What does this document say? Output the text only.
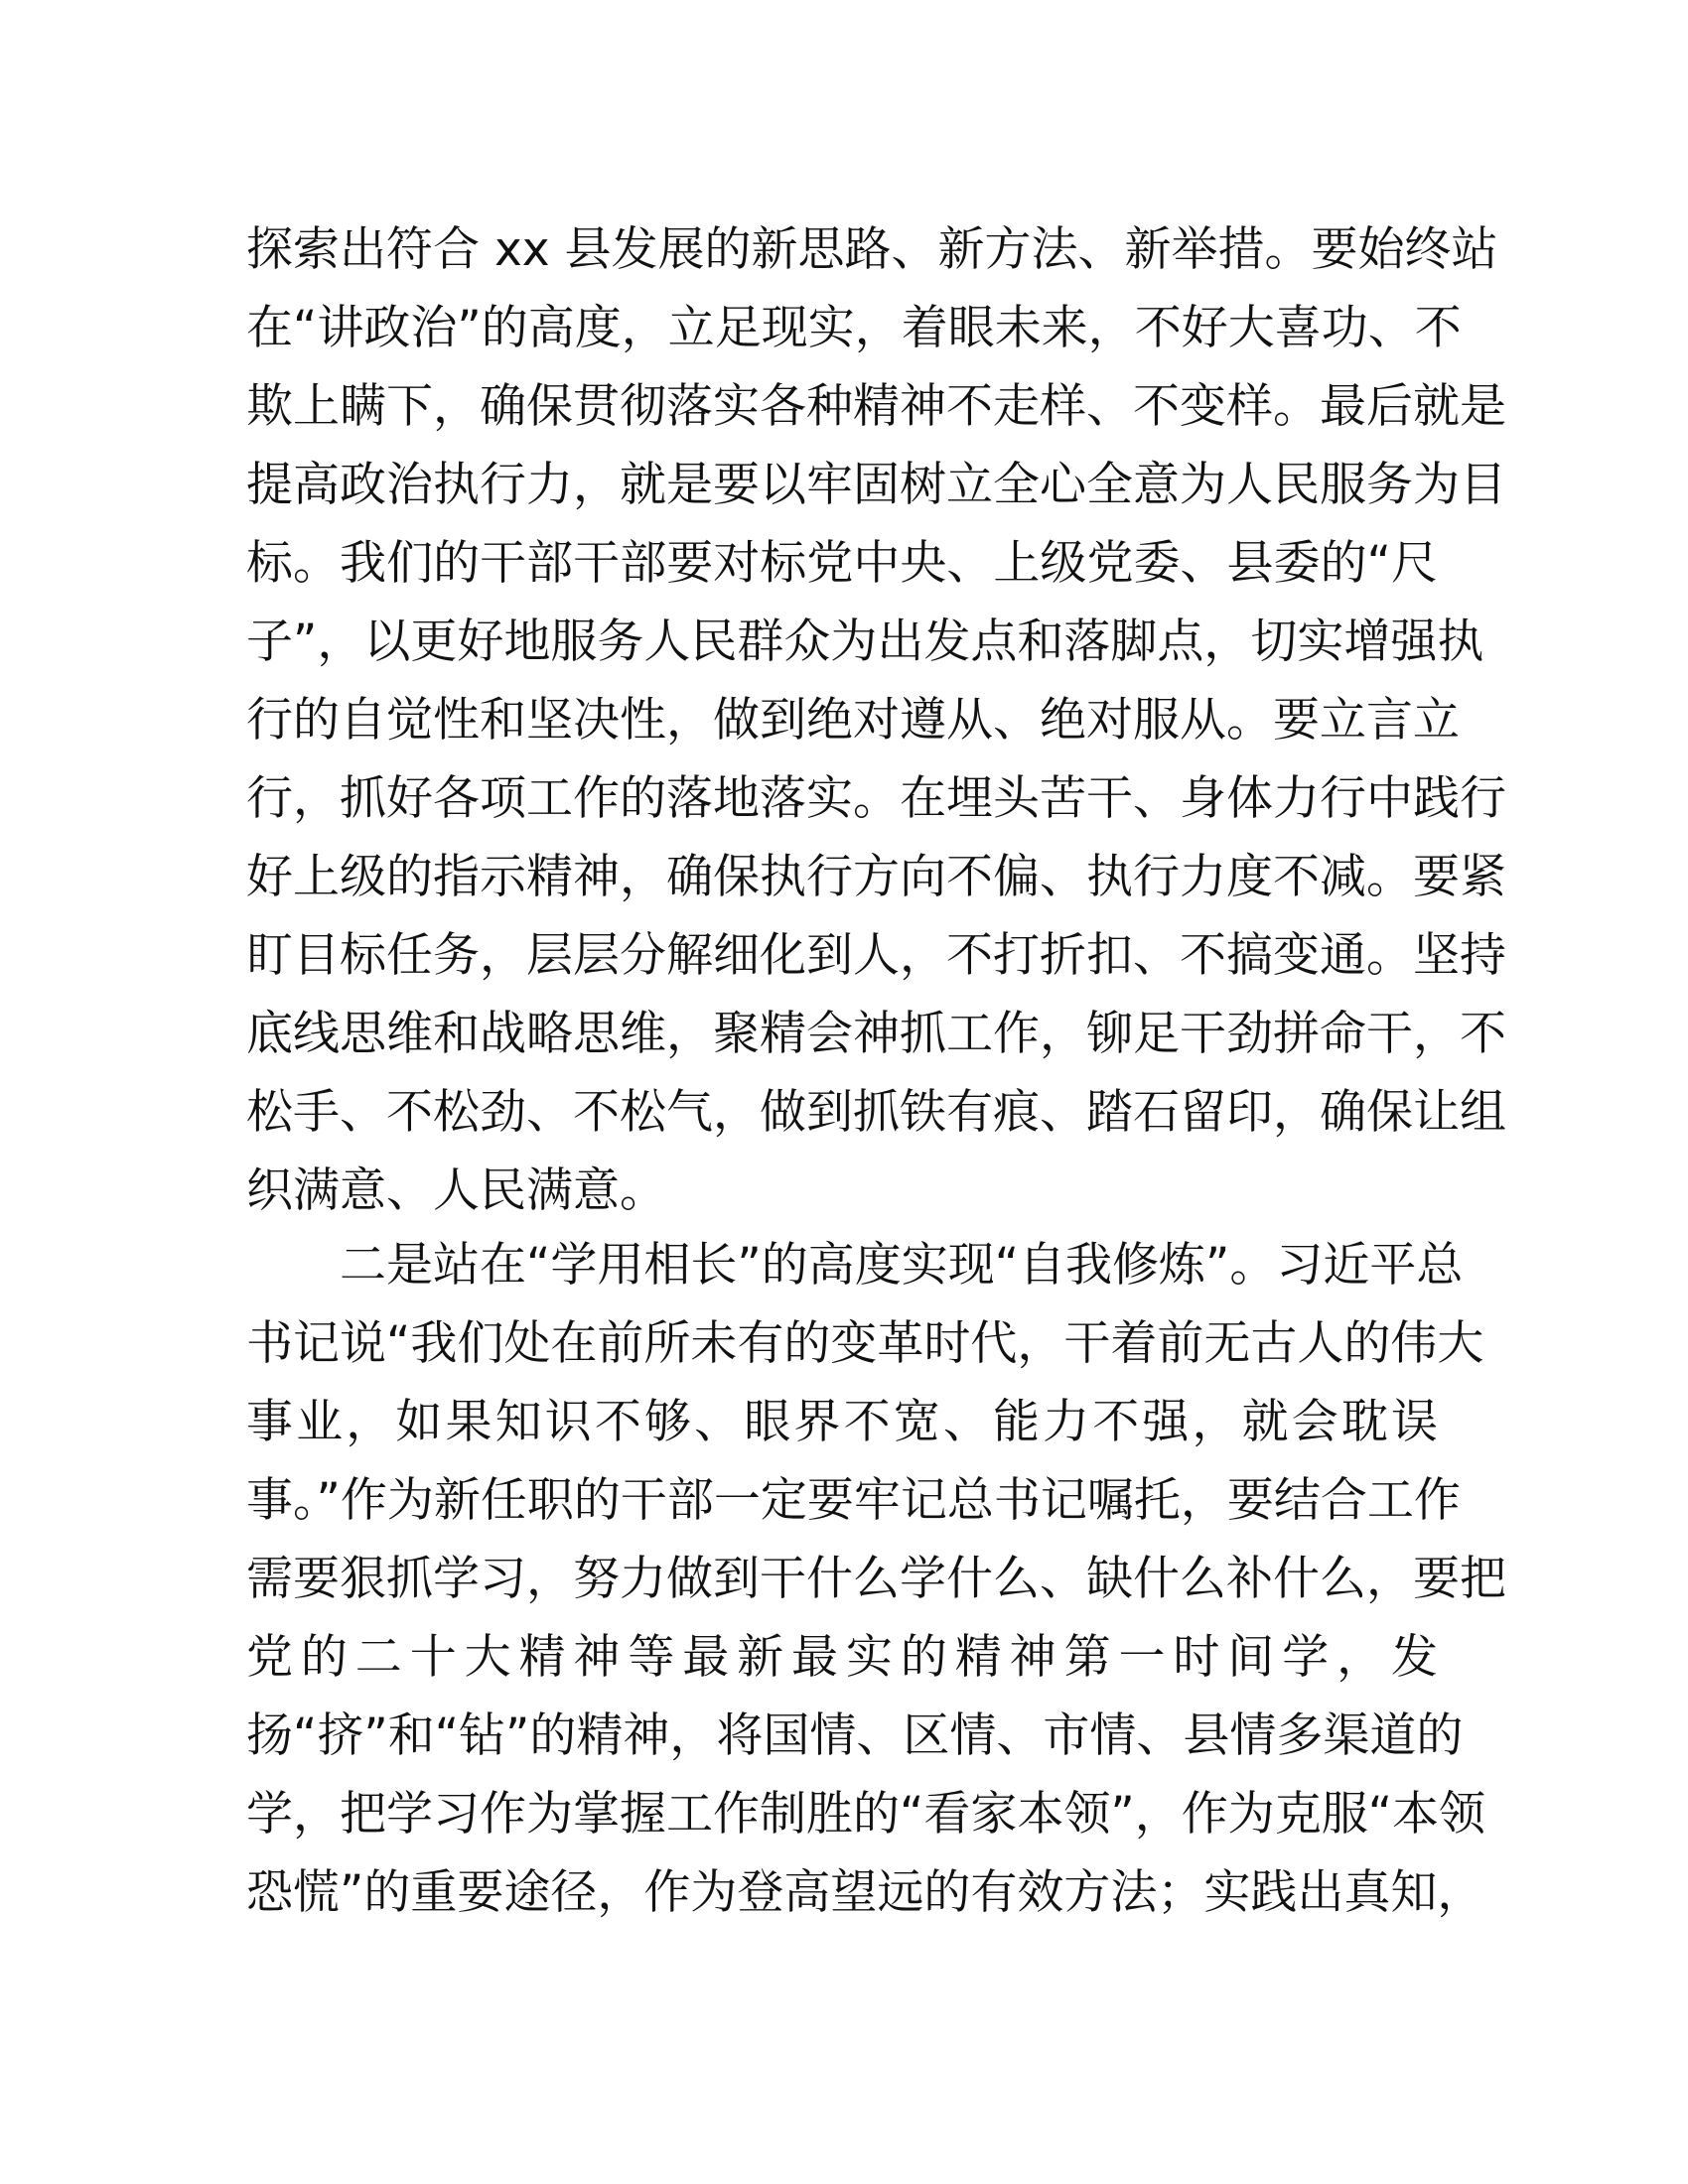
探索出符合 xx 县发展的新思路、新方法、新举措。要始终站
在“讲政治”的高度，立足现实，着眼未来，不好大喜功、不
欺上瞒下，确保贯彻落实各种精神不走样、不变样。最后就是
提高政治执行力，就是要以牢固树立全心全意为人民服务为目
标。我们的干部干部要对标党中央、上级党委、县委的“尺
子”，以更好地服务人民群众为出发点和落脚点，切实增强执
行的自觉性和坚决性，做到绝对遵从、绝对服从。要立言立
行，抓好各项工作的落地落实。在埋头苦干、身体力行中践行
好上级的指示精神，确保执行方向不偏、执行力度不减。要紧
盯目标任务，层层分解细化到人，不打折扣、不搞变通。坚持
底线思维和战略思维，聚精会神抓工作，铆足干劲拼命干，不
松手、不松劲、不松气，做到抓铁有痕、踏石留印，确保让组
织满意、人民满意。
二是站在“学用相长”的高度实现“自我修炼”。习近平总
书记说“我们处在前所未有的变革时代，干着前无古人的伟大
事业，如果知识不够、眼界不宽、能力不强，就会耽误
事。”作为新任职的干部一定要牢记总书记嘱托，要结合工作
需要狠抓学习，努力做到干什么学什么、缺什么补什么，要把
党的二十大精神等最新最实的精神第一时间学，发
扬“挤”和“钻”的精神，将国情、区情、市情、县情多渠道的
学，把学习作为掌握工作制胜的“看家本领”，作为克服“本领
恐慌”的重要途径，作为登高望远的有效方法；实践出真知，
